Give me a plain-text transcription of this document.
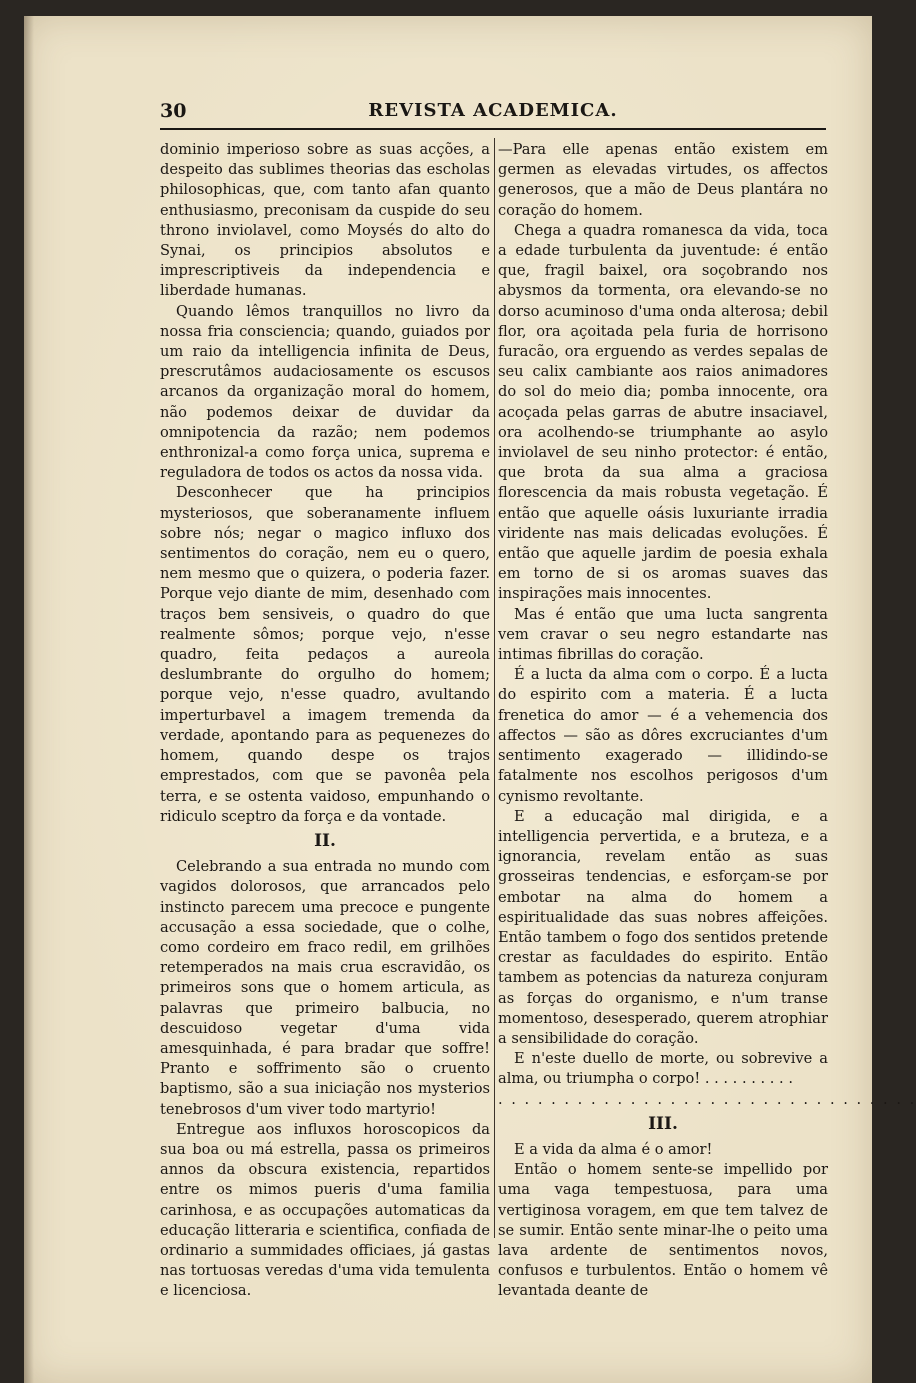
30	REVISTA ACADEMICA.

dominio imperioso sobre as suas acções, a despeito das sublimes theorias das escholas philosophicas, que, com tanto afan quanto enthusiasmo, preconisam da cuspide do seu throno inviolavel, como Moysés do alto do Synai, os principios absolutos e imprescriptiveis da independencia e liberdade humanas.

Quando lêmos tranquillos no livro da nossa fria consciencia; quando, guiados por um raio da intelligencia infinita de Deus, prescrutâmos audaciosamente os escusos arcanos da organização moral do homem, não podemos deixar de duvidar da omnipotencia da razão; nem podemos enthronizal-a como força unica, suprema e reguladora de todos os actos da nossa vida.

Desconhecer que ha principios mysteriosos, que soberanamente influem sobre nós; negar o magico influxo dos sentimentos do coração, nem eu o quero, nem mesmo que o quizera, o poderia fazer. Porque vejo diante de mim, desenhado com traços bem sensiveis, o quadro do que realmente sômos; porque vejo, n'esse quadro, feita pedaços a aureola deslumbrante do orgulho do homem; porque vejo, n'esse quadro, avultando imperturbavel a imagem tremenda da verdade, apontando para as pequenezes do homem, quando despe os trajos emprestados, com que se pavonêa pela terra, e se ostenta vaidoso, empunhando o ridiculo sceptro da força e da vontade.

II.

Celebrando a sua entrada no mundo com vagidos dolorosos, que arrancados pelo instincto parecem uma precoce e pungente accusação a essa sociedade, que o colhe, como cordeiro em fraco redil, em grilhões retemperados na mais crua escravidão, os primeiros sons que o homem articula, as palavras que primeiro balbucia, no descuidoso vegetar d'uma vida amesquinhada, é para bradar que soffre! Pranto e soffrimento são o cruento baptismo, são a sua iniciação nos mysterios tenebrosos d'um viver todo martyrio!

Entregue aos influxos horoscopicos da sua boa ou má estrella, passa os primeiros annos da obscura existencia, repartidos entre os mimos pueris d'uma familia carinhosa, e as occupações automaticas da educação litteraria e scientifica, confiada de ordinario a summidades officiaes, já gastas nas tortuosas veredas d'uma vida temulenta e licenciosa.

—Para elle apenas então existem em germen as elevadas virtudes, os affectos generosos, que a mão de Deus plantára no coração do homem.

Chega a quadra romanesca da vida, toca a edade turbulenta da juventude: é então que, fragil baixel, ora soçobrando nos abysmos da tormenta, ora elevando-se no dorso acuminoso d'uma onda alterosa; debil flor, ora açoitada pela furia de horrisono furacão, ora erguendo as verdes sepalas de seu calix cambiante aos raios animadores do sol do meio dia; pomba innocente, ora acoçada pelas garras de abutre insaciavel, ora acolhendo-se triumphante ao asylo inviolavel de seu ninho protector: é então, que brota da sua alma a graciosa florescencia da mais robusta vegetação. É então que aquelle oásis luxuriante irradia viridente nas mais delicadas evoluções. É então que aquelle jardim de poesia exhala em torno de si os aromas suaves das inspirações mais innocentes.

Mas é então que uma lucta sangrenta vem cravar o seu negro estandarte nas intimas fibrillas do coração.

É a lucta da alma com o corpo. É a lucta do espirito com a materia. É a lucta frenetica do amor — é a vehemencia dos affectos — são as dôres excruciantes d'um sentimento exagerado — illidindo-se fatalmente nos escolhos perigosos d'um cynismo revoltante.

E a educação mal dirigida, e a intelligencia pervertida, e a bruteza, e a ignorancia, revelam então as suas grosseiras tendencias, e esforçam-se por embotar na alma do homem a espiritualidade das suas nobres affeições. Então tambem o fogo dos sentidos pretende crestar as faculdades do espirito. Então tambem as potencias da natureza conjuram as forças do organismo, e n'um transe momentoso, desesperado, querem atrophiar a sensibilidade do coração.

E n'este duello de morte, ou sobrevive a alma, ou triumpha o corpo! . . . . . . . . . .

. . . . . . . . . . . . . . . . . . . . . . . . . . . . . . . .

III.

E a vida da alma é o amor!

Então o homem sente-se impellido por uma vaga tempestuosa, para uma vertiginosa voragem, em que tem talvez de se sumir. Então sente minar-lhe o peito uma lava ardente de sentimentos novos, confusos e turbulentos. Então o homem vê levantada deante de
